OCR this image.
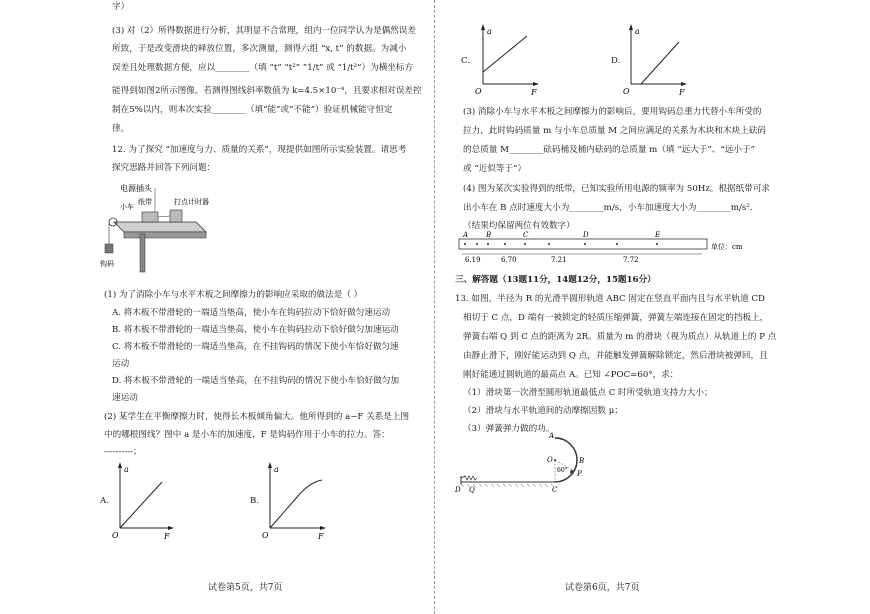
字）
(3) 对（2）所得数据进行分析，其明显不合常理，组内一位同学认为是偶然误差
所致，于是改变滑块的释放位置，多次测量，测得六组 “x, t” 的数据。为减小
误差且处理数据方便，应以________（填 “t” “t²” “1/t” 或 “1/t²”）为横坐标方
能得到如图2所示图像。若测得图线斜率数值为 k=4.5×10⁻⁴，且要求相对误差控
制在5%以内，则本次实验________（填“能”或“不能”）验证机械能守恒定
律。
12. 为了探究 “加速度与力、质量的关系”，现提供如图所示实验装置。请思考
探究思路并回答下列问题：
电源插头
小车
纸带	打点计时器
钩码
(1) 为了消除小车与水平木板之间摩擦力的影响应采取的做法是（ ）
A. 将木板不带滑轮的一端适当垫高，使小车在钩码拉动下恰好做匀速运动
B. 将木板不带滑轮的一端适当垫高，使小车在钩码拉动下恰好做匀加速运动
C. 将木板不带滑轮的一端适当垫高，在不挂钩码的情况下使小车恰好做匀速
运动
D. 将木板不带滑轮的一端适当垫高，在不挂钩码的情况下使小车恰好做匀加
速运动
(2) 某学生在平衡摩擦力时，使得长木板倾角偏大。他所得到的 a−F 关系是上图
中的哪根图线？图中 a 是小车的加速度，F 是钩码作用于小车的拉力。答：
----------；
A.
a
F
O
B.
a
F
O
试卷第5页，共7页
C.
a
F
O
D.
a
F
O
(3) 消除小车与水平木板之间摩擦力的影响后，要用钩码总重力代替小车所受的
拉力，此时钩码质量 m 与小车总质量 M 之间应满足的关系为木块和木块上砝码
的总质量 M________砝码桶及桶内砝码的总质量 m（填 “远大于”、“远小于”
或 “近似等于”）
(4) 图为某次实验得到的纸带，已知实验所用电源的频率为 50Hz。根据纸带可求
出小车在 B 点时速度大小为________m/s，小车加速度大小为________m/s².
（结果均保留两位有效数字）
A	B	C	D	E
6.19	6.70	7.21	7.72
单位：cm
三、解答题（13题11分，14题12分，15题16分）
13. 如图，半径为 R 的光滑半圆形轨道 ABC 固定在竖直平面内且与水平轨道 CD
相切于 C 点，D 端有一被锁定的轻质压缩弹簧，弹簧左端连接在固定的挡板上，
弹簧右端 Q 到 C 点的距离为 2R。质量为 m 的滑块（视为质点）从轨道上的 P 点
由静止滑下，刚好能运动到 Q 点，并能触发弹簧解除锁定，然后滑块被弹回，且
刚好能通过圆轨道的最高点 A。已知 ∠POC=60°，求：
（1）滑块第一次滑至圆形轨道最低点 C 时所受轨道支持力大小；
（2）滑块与水平轨道间的动摩擦因数 μ；
（3）弹簧弹力做的功。
A
O	B
P
60°
C
D Q
试卷第6页，共7页
